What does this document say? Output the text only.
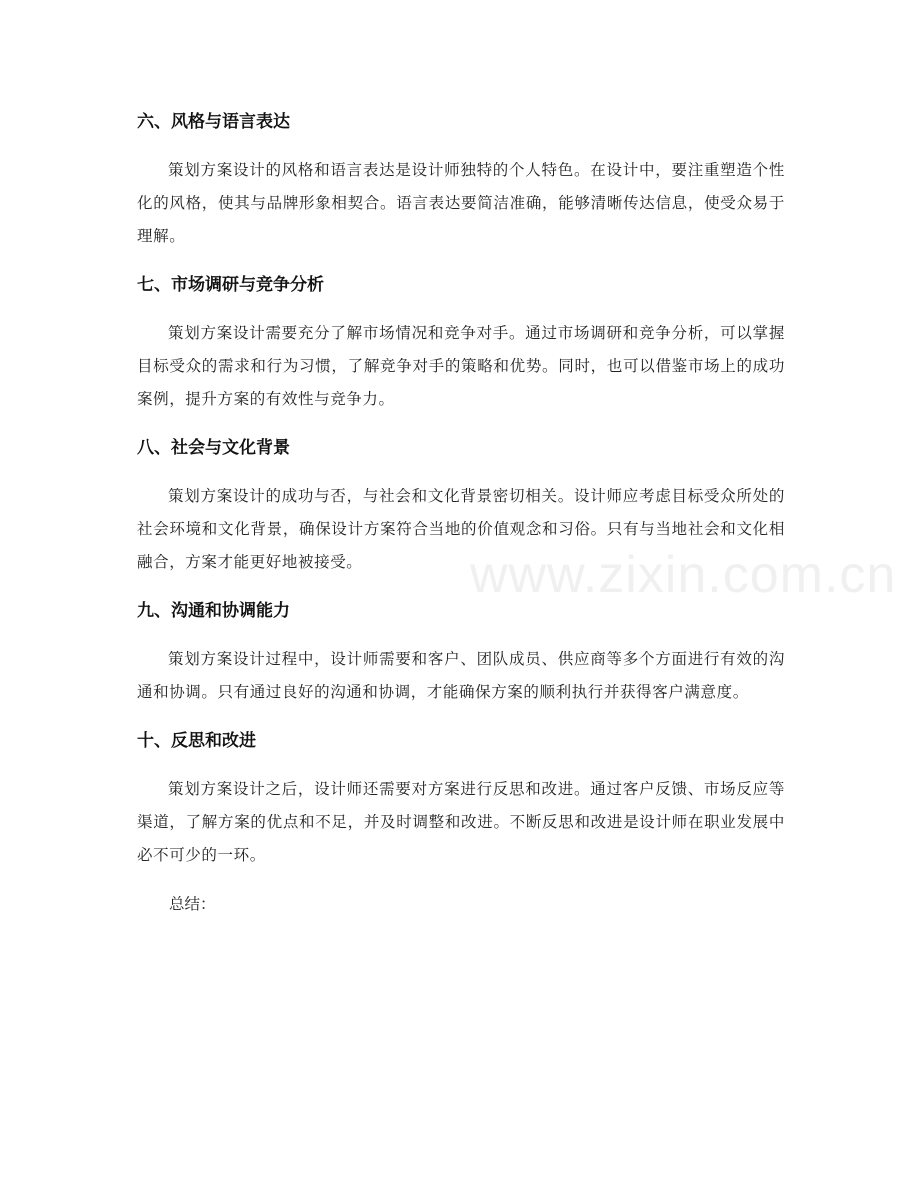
六、风格与语言表达

策划方案设计的风格和语言表达是设计师独特的个人特色。在设计中，要注重塑造个性化的风格，使其与品牌形象相契合。语言表达要简洁准确，能够清晰传达信息，使受众易于理解。

七、市场调研与竞争分析

策划方案设计需要充分了解市场情况和竞争对手。通过市场调研和竞争分析，可以掌握目标受众的需求和行为习惯，了解竞争对手的策略和优势。同时，也可以借鉴市场上的成功案例，提升方案的有效性与竞争力。

八、社会与文化背景

策划方案设计的成功与否，与社会和文化背景密切相关。设计师应考虑目标受众所处的社会环境和文化背景，确保设计方案符合当地的价值观念和习俗。只有与当地社会和文化相融合，方案才能更好地被接受。

九、沟通和协调能力

策划方案设计过程中，设计师需要和客户、团队成员、供应商等多个方面进行有效的沟通和协调。只有通过良好的沟通和协调，才能确保方案的顺利执行并获得客户满意度。

十、反思和改进

策划方案设计之后，设计师还需要对方案进行反思和改进。通过客户反馈、市场反应等渠道，了解方案的优点和不足，并及时调整和改进。不断反思和改进是设计师在职业发展中必不可少的一环。

总结：

www.zixin.com.cn
